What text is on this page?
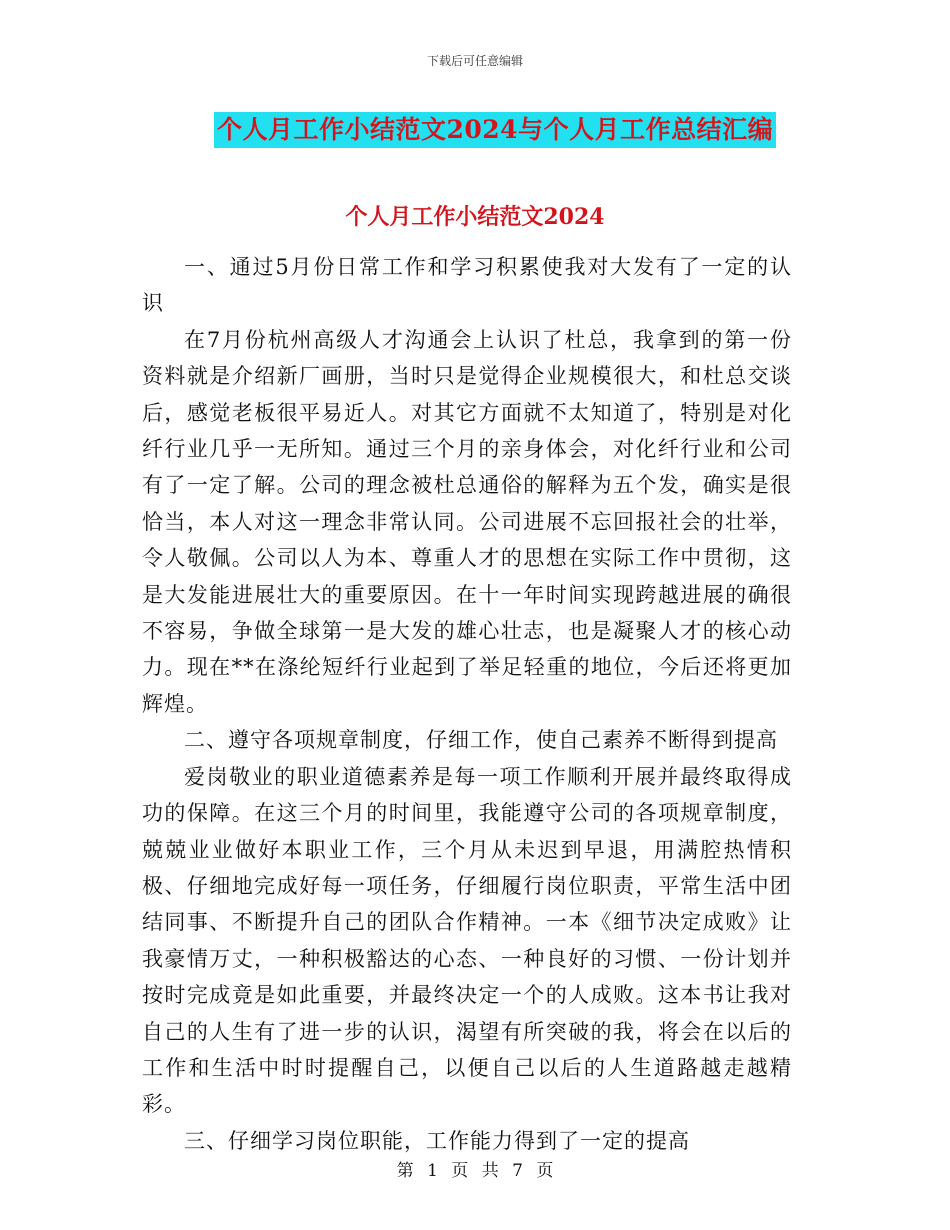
下载后可任意编辑
个人月工作小结范文2024与个人月工作总结汇编
个人月工作小结范文2024

一、通过5月份日常工作和学习积累使我对大发有了一定的认识

在7月份杭州高级人才沟通会上认识了杜总，我拿到的第一份资料就是介绍新厂画册，当时只是觉得企业规模很大，和杜总交谈后，感觉老板很平易近人。对其它方面就不太知道了，特别是对化纤行业几乎一无所知。通过三个月的亲身体会，对化纤行业和公司有了一定了解。公司的理念被杜总通俗的解释为五个发，确实是很恰当，本人对这一理念非常认同。公司进展不忘回报社会的壮举，令人敬佩。公司以人为本、尊重人才的思想在实际工作中贯彻，这是大发能进展壮大的重要原因。在十一年时间实现跨越进展的确很不容易，争做全球第一是大发的雄心壮志，也是凝聚人才的核心动力。现在**在涤纶短纤行业起到了举足轻重的地位，今后还将更加辉煌。

二、遵守各项规章制度，仔细工作，使自己素养不断得到提高

爱岗敬业的职业道德素养是每一项工作顺利开展并最终取得成功的保障。在这三个月的时间里，我能遵守公司的各项规章制度，兢兢业业做好本职业工作，三个月从未迟到早退，用满腔热情积极、仔细地完成好每一项任务，仔细履行岗位职责，平常生活中团结同事、不断提升自己的团队合作精神。一本《细节决定成败》让我豪情万丈，一种积极豁达的心态、一种良好的习惯、一份计划并按时完成竟是如此重要，并最终决定一个的人成败。这本书让我对自己的人生有了进一步的认识，渴望有所突破的我，将会在以后的工作和生活中时时提醒自己，以便自己以后的人生道路越走越精彩。

三、仔细学习岗位职能，工作能力得到了一定的提高

第 1 页 共 7 页
